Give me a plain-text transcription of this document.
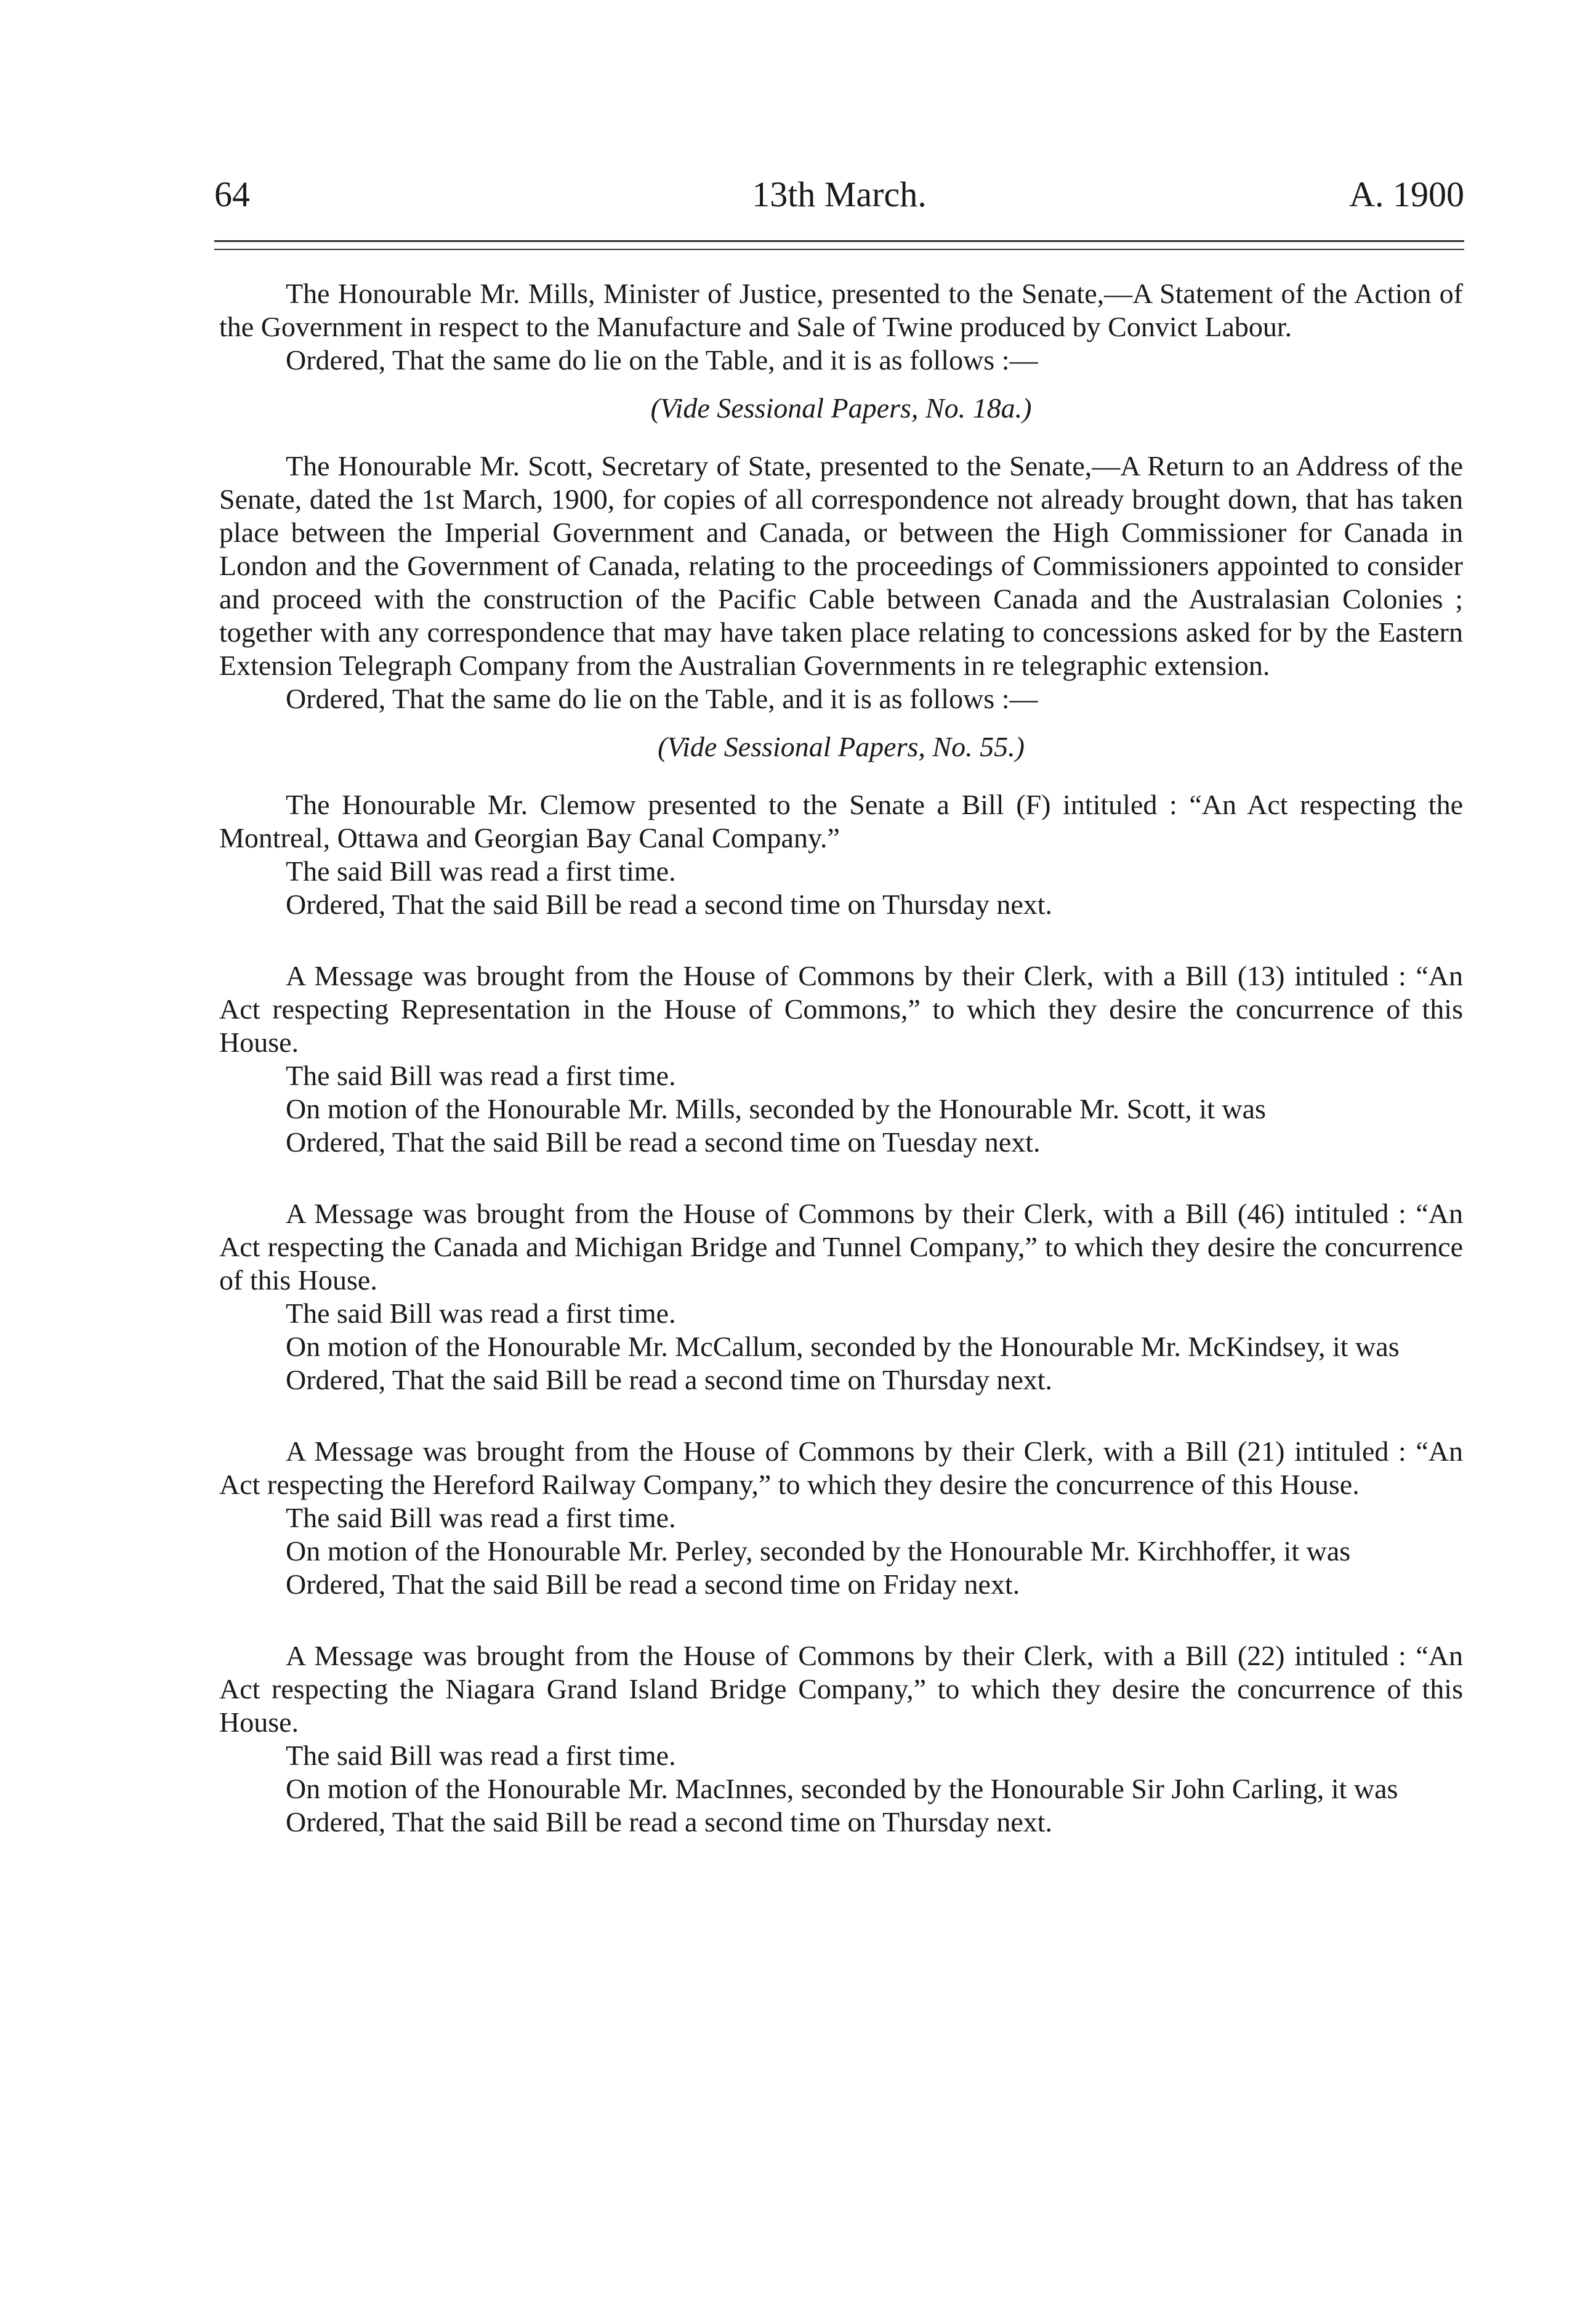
64	13th March.	A. 1900

The Honourable Mr. Mills, Minister of Justice, presented to the Senate,—A Statement of the Action of the Government in respect to the Manufacture and Sale of Twine produced by Convict Labour.

Ordered, That the same do lie on the Table, and it is as follows :—

(Vide Sessional Papers, No. 18a.)

The Honourable Mr. Scott, Secretary of State, presented to the Senate,—A Return to an Address of the Senate, dated the 1st March, 1900, for copies of all correspondence not already brought down, that has taken place between the Imperial Government and Canada, or between the High Commissioner for Canada in London and the Government of Canada, relating to the proceedings of Commissioners appointed to consider and proceed with the construction of the Pacific Cable between Canada and the Australasian Colonies ; together with any correspondence that may have taken place relating to concessions asked for by the Eastern Extension Telegraph Company from the Australian Governments in re telegraphic extension.

Ordered, That the same do lie on the Table, and it is as follows :—

(Vide Sessional Papers, No. 55.)

The Honourable Mr. Clemow presented to the Senate a Bill (F) intituled : “An Act respecting the Montreal, Ottawa and Georgian Bay Canal Company.”

The said Bill was read a first time.

Ordered, That the said Bill be read a second time on Thursday next.

A Message was brought from the House of Commons by their Clerk, with a Bill (13) intituled : “An Act respecting Representation in the House of Commons,” to which they desire the concurrence of this House.

The said Bill was read a first time.

On motion of the Honourable Mr. Mills, seconded by the Honourable Mr. Scott, it was

Ordered, That the said Bill be read a second time on Tuesday next.

A Message was brought from the House of Commons by their Clerk, with a Bill (46) intituled : “An Act respecting the Canada and Michigan Bridge and Tunnel Company,” to which they desire the concurrence of this House.

The said Bill was read a first time.

On motion of the Honourable Mr. McCallum, seconded by the Honourable Mr. McKindsey, it was

Ordered, That the said Bill be read a second time on Thursday next.

A Message was brought from the House of Commons by their Clerk, with a Bill (21) intituled : “An Act respecting the Hereford Railway Company,” to which they desire the concurrence of this House.

The said Bill was read a first time.

On motion of the Honourable Mr. Perley, seconded by the Honourable Mr. Kirchhoffer, it was

Ordered, That the said Bill be read a second time on Friday next.

A Message was brought from the House of Commons by their Clerk, with a Bill (22) intituled : “An Act respecting the Niagara Grand Island Bridge Company,” to which they desire the concurrence of this House.

The said Bill was read a first time.

On motion of the Honourable Mr. MacInnes, seconded by the Honourable Sir John Carling, it was

Ordered, That the said Bill be read a second time on Thursday next.
